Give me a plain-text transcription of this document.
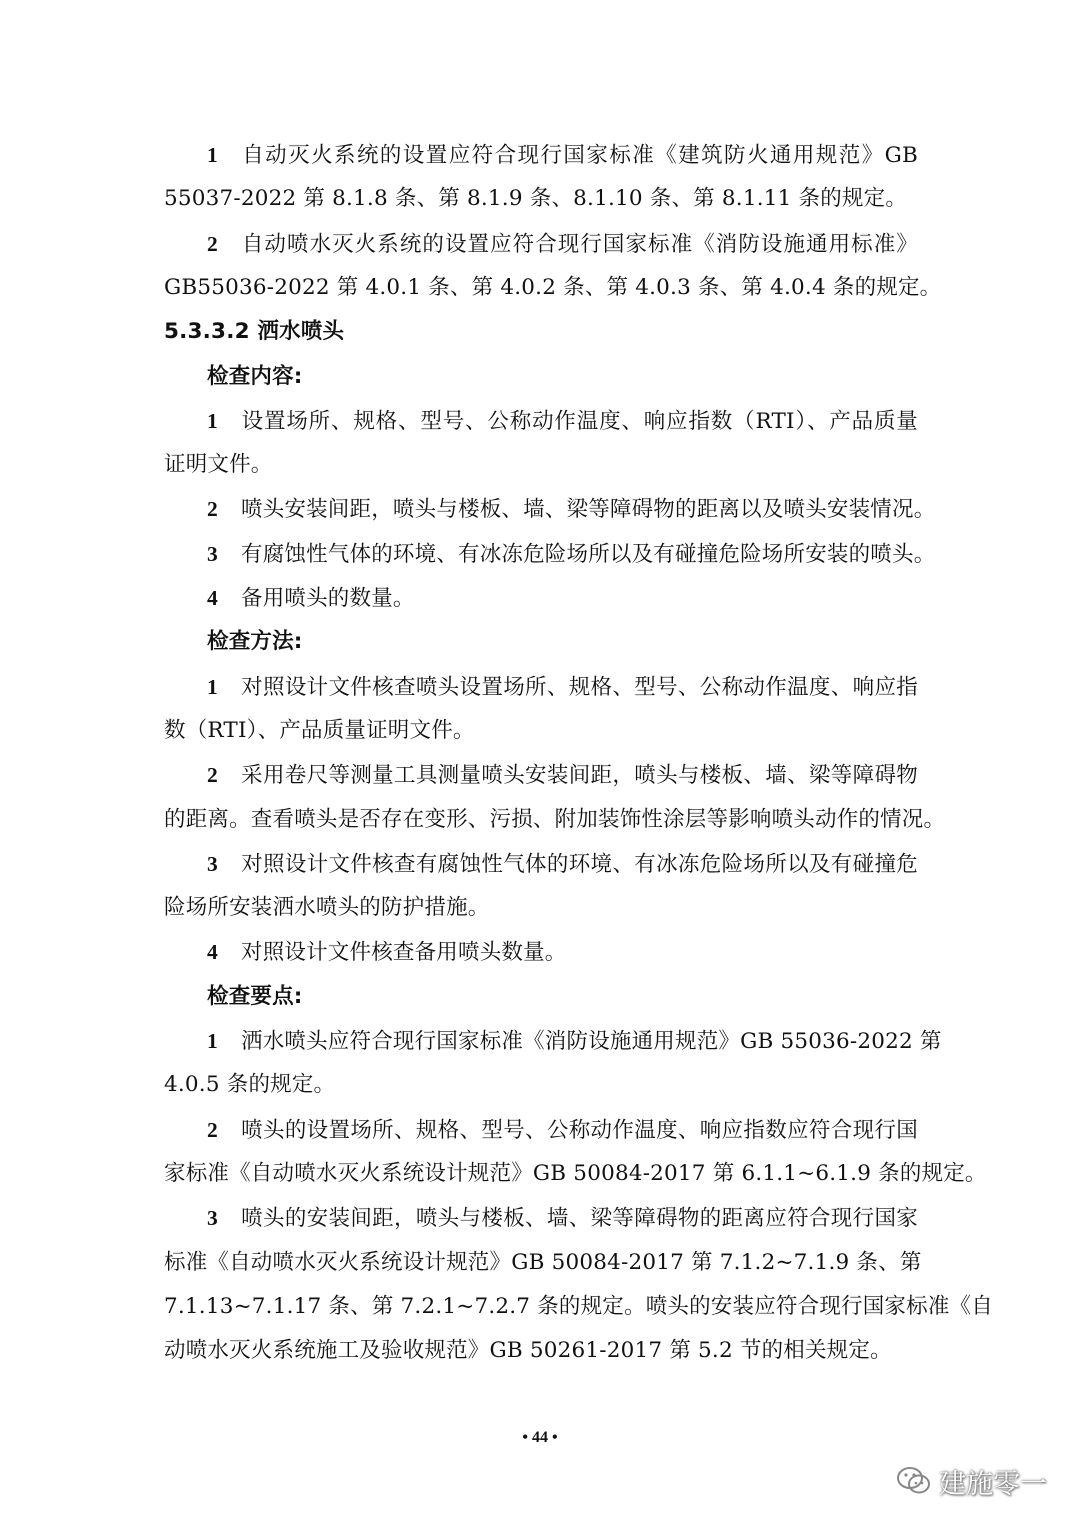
1 自动灭火系统的设置应符合现行国家标准《建筑防火通用规范》GB
55037-2022 第 8.1.8 条、第 8.1.9 条、8.1.10 条、第 8.1.11 条的规定。
2 自动喷水灭火系统的设置应符合现行国家标准《消防设施通用标准》
GB55036-2022 第 4.0.1 条、第 4.0.2 条、第 4.0.3 条、第 4.0.4 条的规定。
5.3.3.2 洒水喷头
检查内容:
1 设置场所、规格、型号、公称动作温度、响应指数（RTI）、产品质量
证明文件。
2 喷头安装间距，喷头与楼板、墙、梁等障碍物的距离以及喷头安装情况。
3 有腐蚀性气体的环境、有冰冻危险场所以及有碰撞危险场所安装的喷头。
4 备用喷头的数量。
检查方法:
1 对照设计文件核查喷头设置场所、规格、型号、公称动作温度、响应指
数（RTI）、产品质量证明文件。
2 采用卷尺等测量工具测量喷头安装间距，喷头与楼板、墙、梁等障碍物
的距离。查看喷头是否存在变形、污损、附加装饰性涂层等影响喷头动作的情况。
3 对照设计文件核查有腐蚀性气体的环境、有冰冻危险场所以及有碰撞危
险场所安装洒水喷头的防护措施。
4 对照设计文件核查备用喷头数量。
检查要点:
1 洒水喷头应符合现行国家标准《消防设施通用规范》GB 55036-2022 第
4.0.5 条的规定。
2 喷头的设置场所、规格、型号、公称动作温度、响应指数应符合现行国
家标准《自动喷水灭火系统设计规范》GB 50084-2017 第 6.1.1~6.1.9 条的规定。
3 喷头的安装间距，喷头与楼板、墙、梁等障碍物的距离应符合现行国家
标准《自动喷水灭火系统设计规范》GB 50084-2017 第 7.1.2~7.1.9 条、第
7.1.13~7.1.17 条、第 7.2.1~7.2.7 条的规定。喷头的安装应符合现行国家标准《自
动喷水灭火系统施工及验收规范》GB 50261-2017 第 5.2 节的相关规定。
• 44 •
建施零一
